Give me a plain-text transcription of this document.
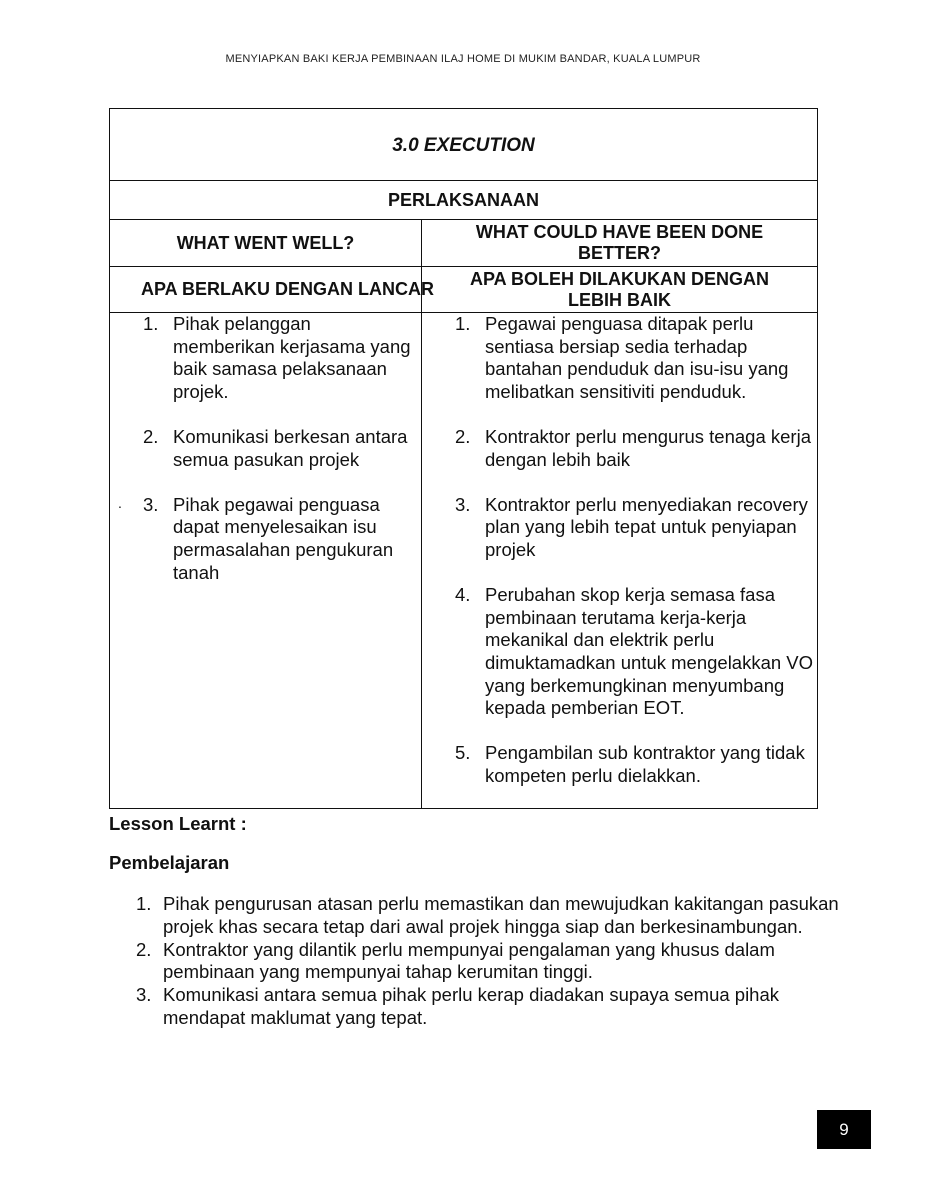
MENYIAPKAN BAKI KERJA PEMBINAAN ILAJ HOME DI MUKIM BANDAR, KUALA LUMPUR
3.0 EXECUTION
PERLAKSANAAN
WHAT WENT WELL?
WHAT COULD HAVE BEEN DONE BETTER?
APA BERLAKU DENGAN LANCAR
APA BOLEH DILAKUKAN DENGAN LEBIH BAIK
.
1. Pihak pelanggan memberikan kerjasama yang baik samasa pelaksanaan projek.
2. Komunikasi berkesan antara semua pasukan projek
3. Pihak pegawai penguasa dapat menyelesaikan isu permasalahan pengukuran tanah
1. Pegawai penguasa ditapak perlu sentiasa bersiap sedia terhadap bantahan penduduk dan isu-isu yang melibatkan sensitiviti penduduk.
2. Kontraktor perlu mengurus tenaga kerja dengan lebih baik
3. Kontraktor perlu menyediakan recovery plan yang lebih tepat untuk penyiapan projek
4. Perubahan skop kerja semasa fasa pembinaan terutama kerja-kerja mekanikal dan elektrik perlu dimuktamadkan untuk mengelakkan VO yang berkemungkinan menyumbang kepada pemberian EOT.
5. Pengambilan sub kontraktor yang tidak kompeten perlu dielakkan.
Lesson Learnt :
Pembelajaran
1. Pihak pengurusan atasan perlu memastikan dan mewujudkan kakitangan pasukan projek khas secara tetap dari awal projek hingga siap dan berkesinambungan.
2. Kontraktor yang dilantik perlu mempunyai pengalaman yang khusus dalam pembinaan yang mempunyai tahap kerumitan tinggi.
3. Komunikasi antara semua pihak perlu kerap diadakan supaya semua pihak mendapat maklumat yang tepat.
9
